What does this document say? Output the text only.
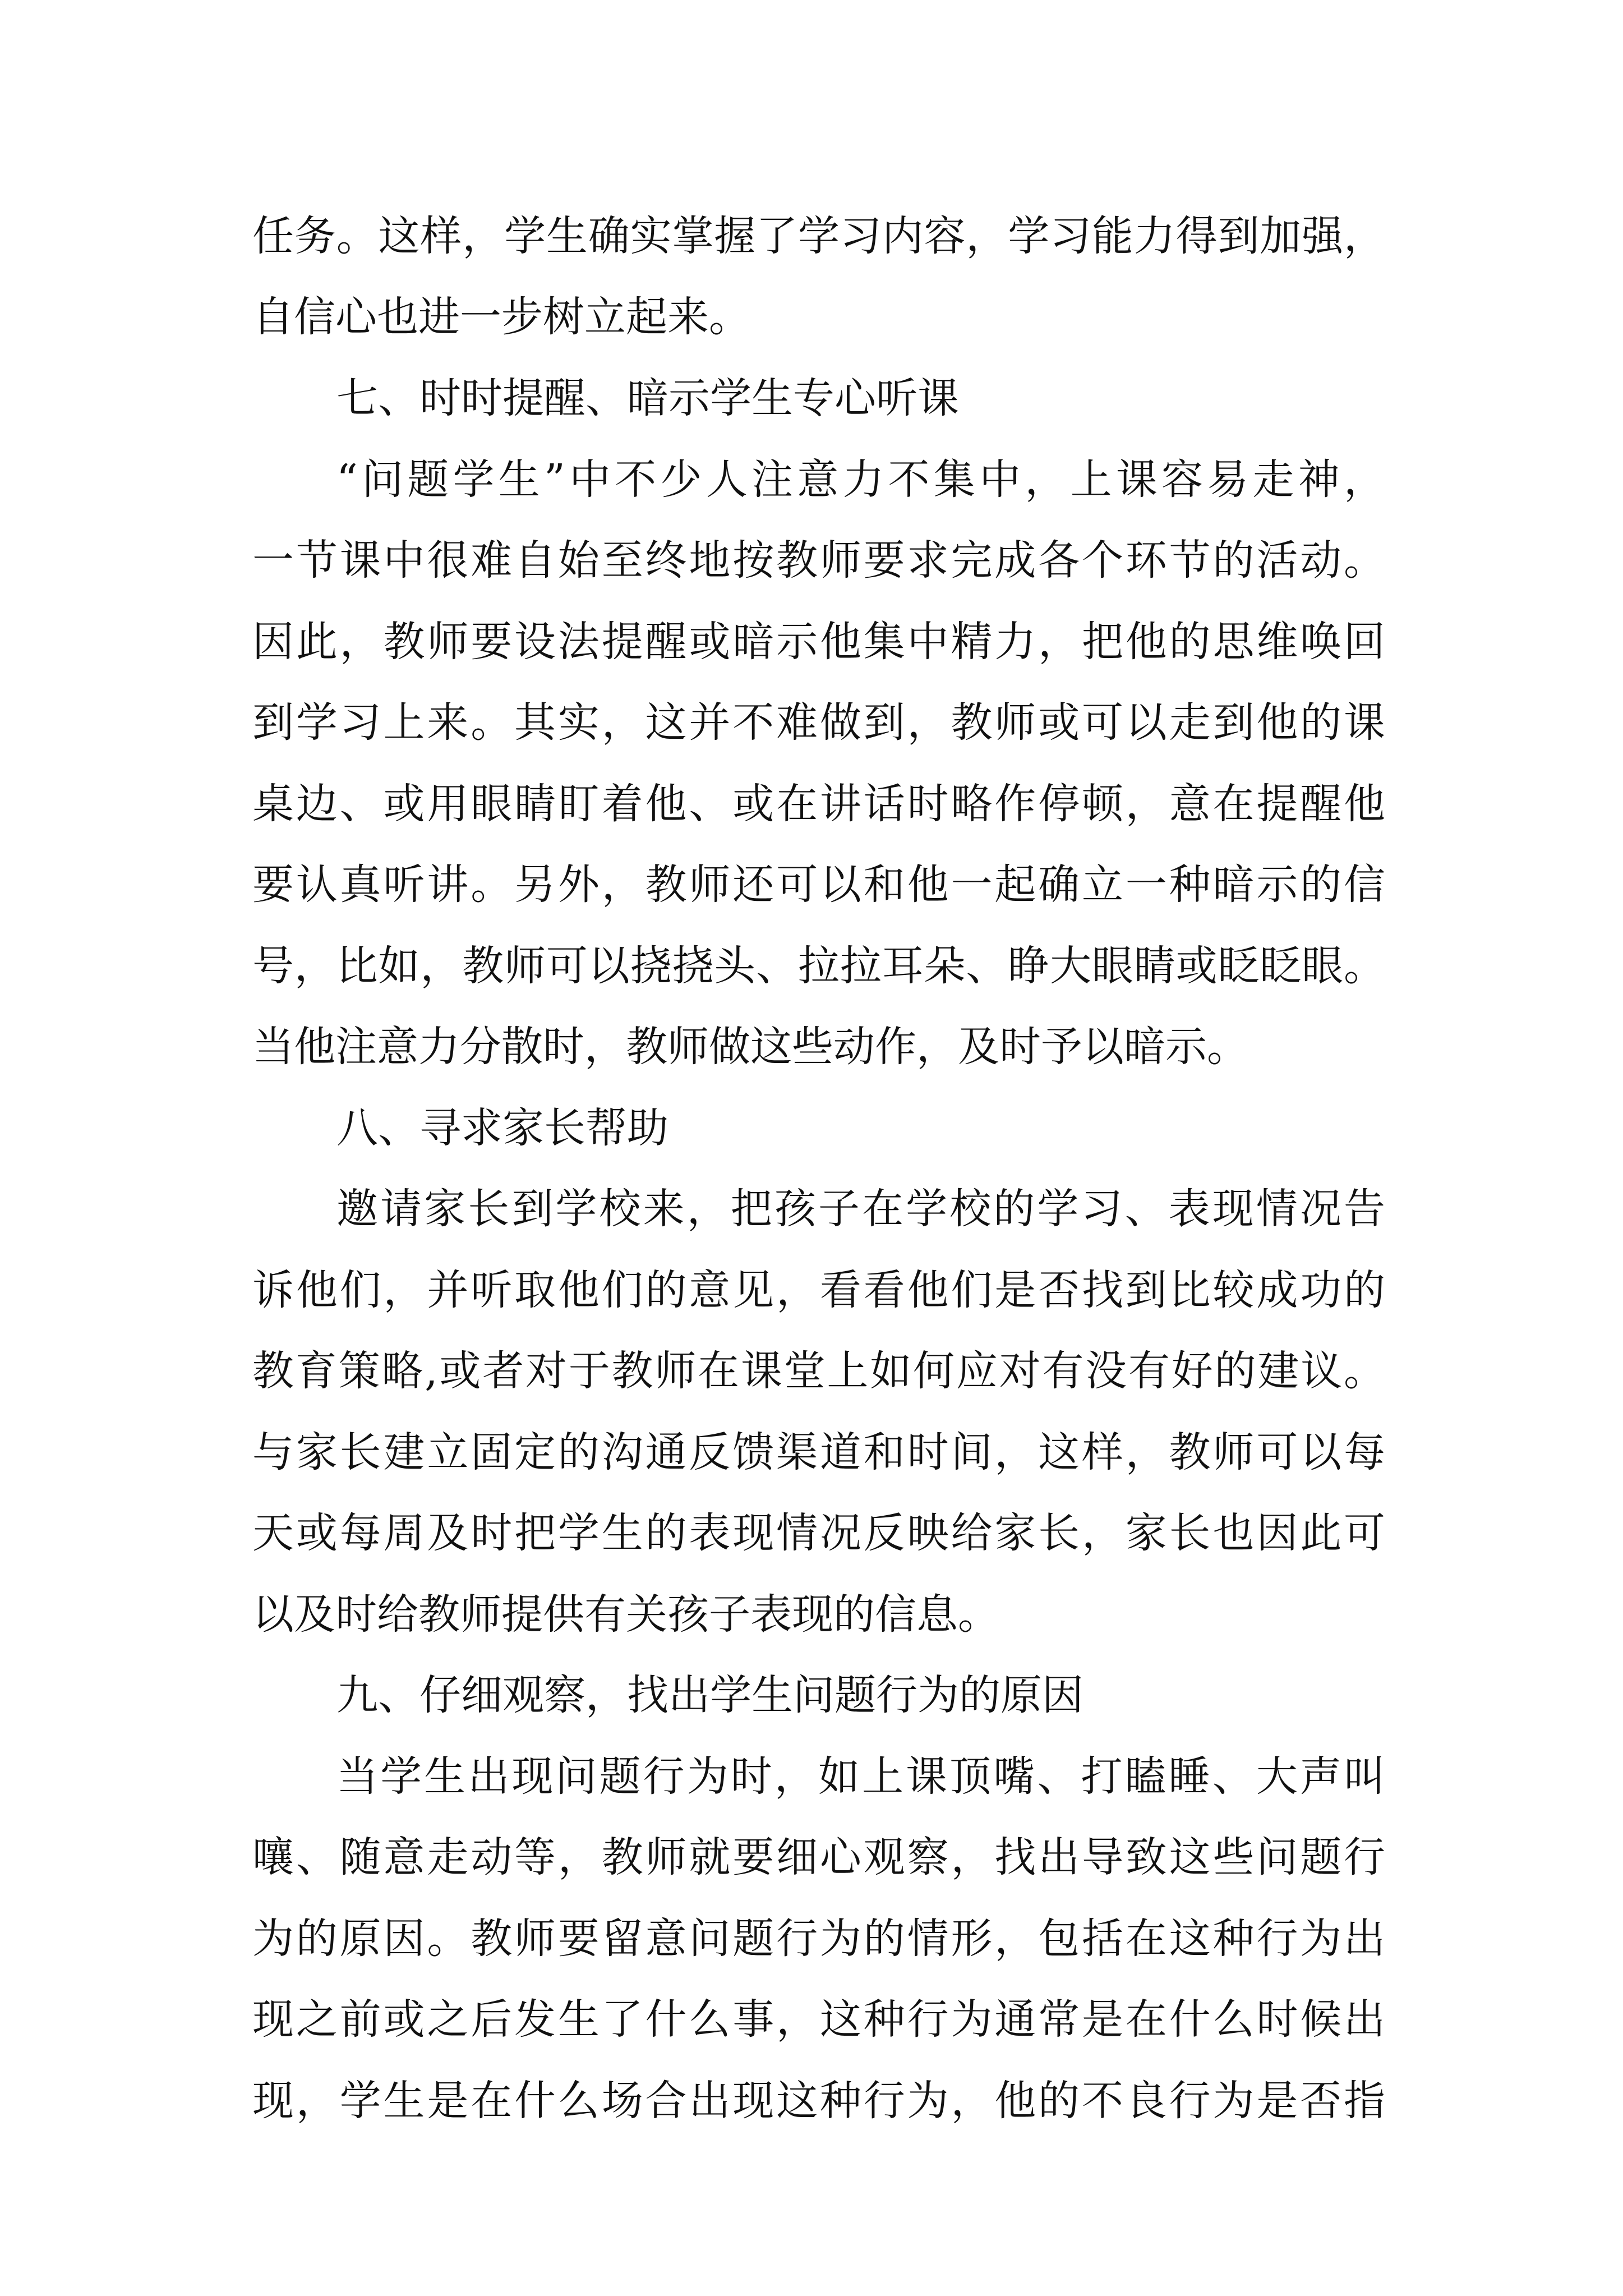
任务。这样，学生确实掌握了学习内容，学习能力得到加强，
自信心也进一步树立起来。
七、时时提醒、暗示学生专心听课
“问题学生”中不少人注意力不集中，上课容易走神，
一节课中很难自始至终地按教师要求完成各个环节的活动。
因此，教师要设法提醒或暗示他集中精力，把他的思维唤回
到学习上来。其实，这并不难做到，教师或可以走到他的课
桌边、或用眼睛盯着他、或在讲话时略作停顿，意在提醒他
要认真听讲。另外，教师还可以和他一起确立一种暗示的信
号，比如，教师可以挠挠头、拉拉耳朵、睁大眼睛或眨眨眼。
当他注意力分散时，教师做这些动作，及时予以暗示。
八、寻求家长帮助
邀请家长到学校来，把孩子在学校的学习、表现情况告
诉他们，并听取他们的意见，看看他们是否找到比较成功的
教育策略,或者对于教师在课堂上如何应对有没有好的建议。
与家长建立固定的沟通反馈渠道和时间，这样，教师可以每
天或每周及时把学生的表现情况反映给家长，家长也因此可
以及时给教师提供有关孩子表现的信息。
九、仔细观察，找出学生问题行为的原因
当学生出现问题行为时，如上课顶嘴、打瞌睡、大声叫
嚷、随意走动等，教师就要细心观察，找出导致这些问题行
为的原因。教师要留意问题行为的情形，包括在这种行为出
现之前或之后发生了什么事，这种行为通常是在什么时候出
现，学生是在什么场合出现这种行为，他的不良行为是否指
